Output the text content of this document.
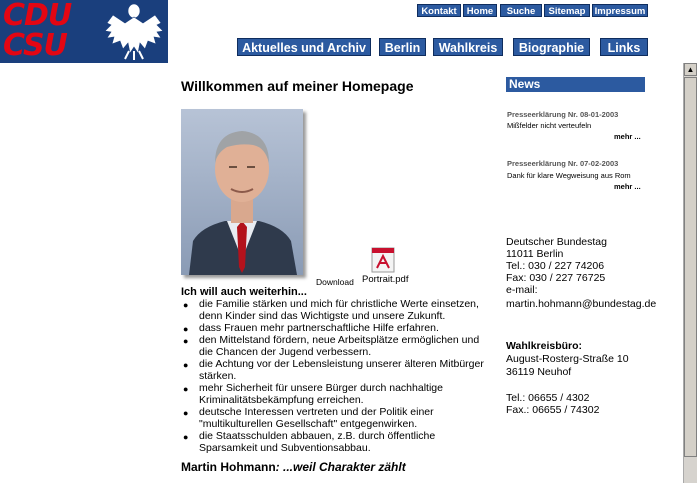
CDU
CSU
Kontakt	Home	Suche	Sitemap Impressum
Aktuelles und Archiv	Berlin	Wahlkreis	Biographie	Links
▲
Willkommen auf meiner Homepage
Download Portrait.pdf
Ich will auch weiterhin...
● die Familie stärken und mich für christliche Werte einsetzen, denn Kinder sind das Wichtigste und unsere Zukunft.
● dass Frauen mehr partnerschaftliche Hilfe erfahren.
● den Mittelstand fördern, neue Arbeitsplätze ermöglichen und die Chancen der Jugend verbessern.
● die Achtung vor der Lebensleistung unserer älteren Mitbürger stärken.
● mehr Sicherheit für unsere Bürger durch nachhaltige Kriminalitätsbekämpfung erreichen.
● deutsche Interessen vertreten und der Politik einer "multikulturellen Gesellschaft" entgegenwirken.
● die Staatsschulden abbauen, z.B. durch öffentliche Sparsamkeit und Subventionsabbau.
Martin Hohmann: ...weil Charakter zählt
News
Presseerklärung Nr. 08-01-2003
Mißfelder nicht verteufeln
mehr ...
Presseerklärung Nr. 07-02-2003
Dank für klare Wegweisung aus Rom
mehr ...
Deutscher Bundestag
11011 Berlin
Tel.: 030 / 227 74206
Fax: 030 / 227 76725
e-mail:
martin.hohmann@bundestag.de
Wahlkreisbüro:
August-Rosterg-Straße 10
36119 Neuhof
Tel.: 06655 / 4302
Fax.: 06655 / 74302
